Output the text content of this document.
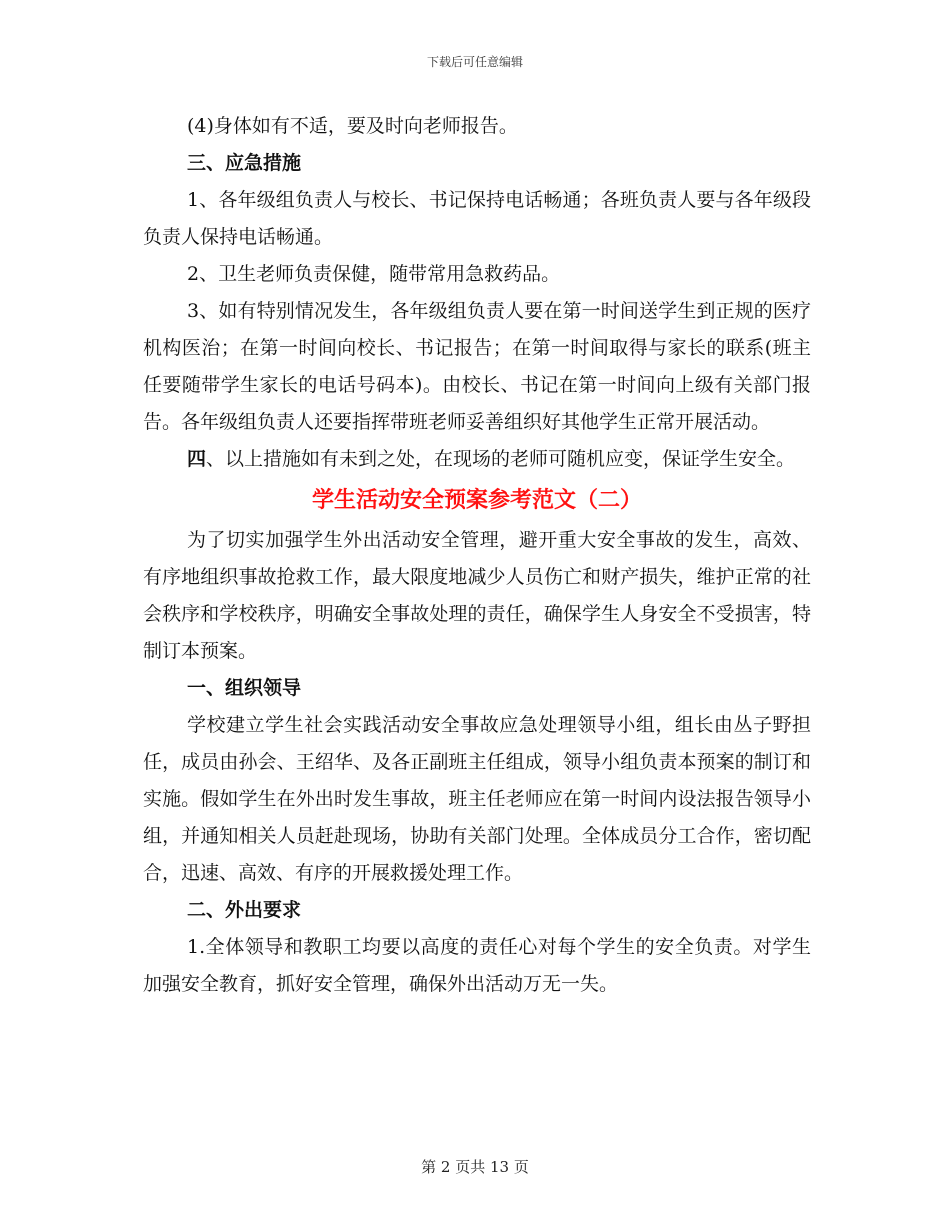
下载后可任意编辑

(4)身体如有不适，要及时向老师报告。

三、应急措施

1、各年级组负责人与校长、书记保持电话畅通；各班负责人要与各年级段负责人保持电话畅通。

2、卫生老师负责保健，随带常用急救药品。

3、如有特别情况发生，各年级组负责人要在第一时间送学生到正规的医疗机构医治；在第一时间向校长、书记报告；在第一时间取得与家长的联系(班主任要随带学生家长的电话号码本)。由校长、书记在第一时间向上级有关部门报告。各年级组负责人还要指挥带班老师妥善组织好其他学生正常开展活动。

四、以上措施如有未到之处，在现场的老师可随机应变，保证学生安全。

学生活动安全预案参考范文（二）

为了切实加强学生外出活动安全管理，避开重大安全事故的发生，高效、有序地组织事故抢救工作，最大限度地减少人员伤亡和财产损失，维护正常的社会秩序和学校秩序，明确安全事故处理的责任，确保学生人身安全不受损害，特制订本预案。

一、组织领导

学校建立学生社会实践活动安全事故应急处理领导小组，组长由丛子野担任，成员由孙会、王绍华、及各正副班主任组成，领导小组负责本预案的制订和实施。假如学生在外出时发生事故，班主任老师应在第一时间内设法报告领导小组，并通知相关人员赶赴现场，协助有关部门处理。全体成员分工合作，密切配合，迅速、高效、有序的开展救援处理工作。

二、外出要求

1.全体领导和教职工均要以高度的责任心对每个学生的安全负责。对学生加强安全教育，抓好安全管理，确保外出活动万无一失。

第 2 页共 13 页
